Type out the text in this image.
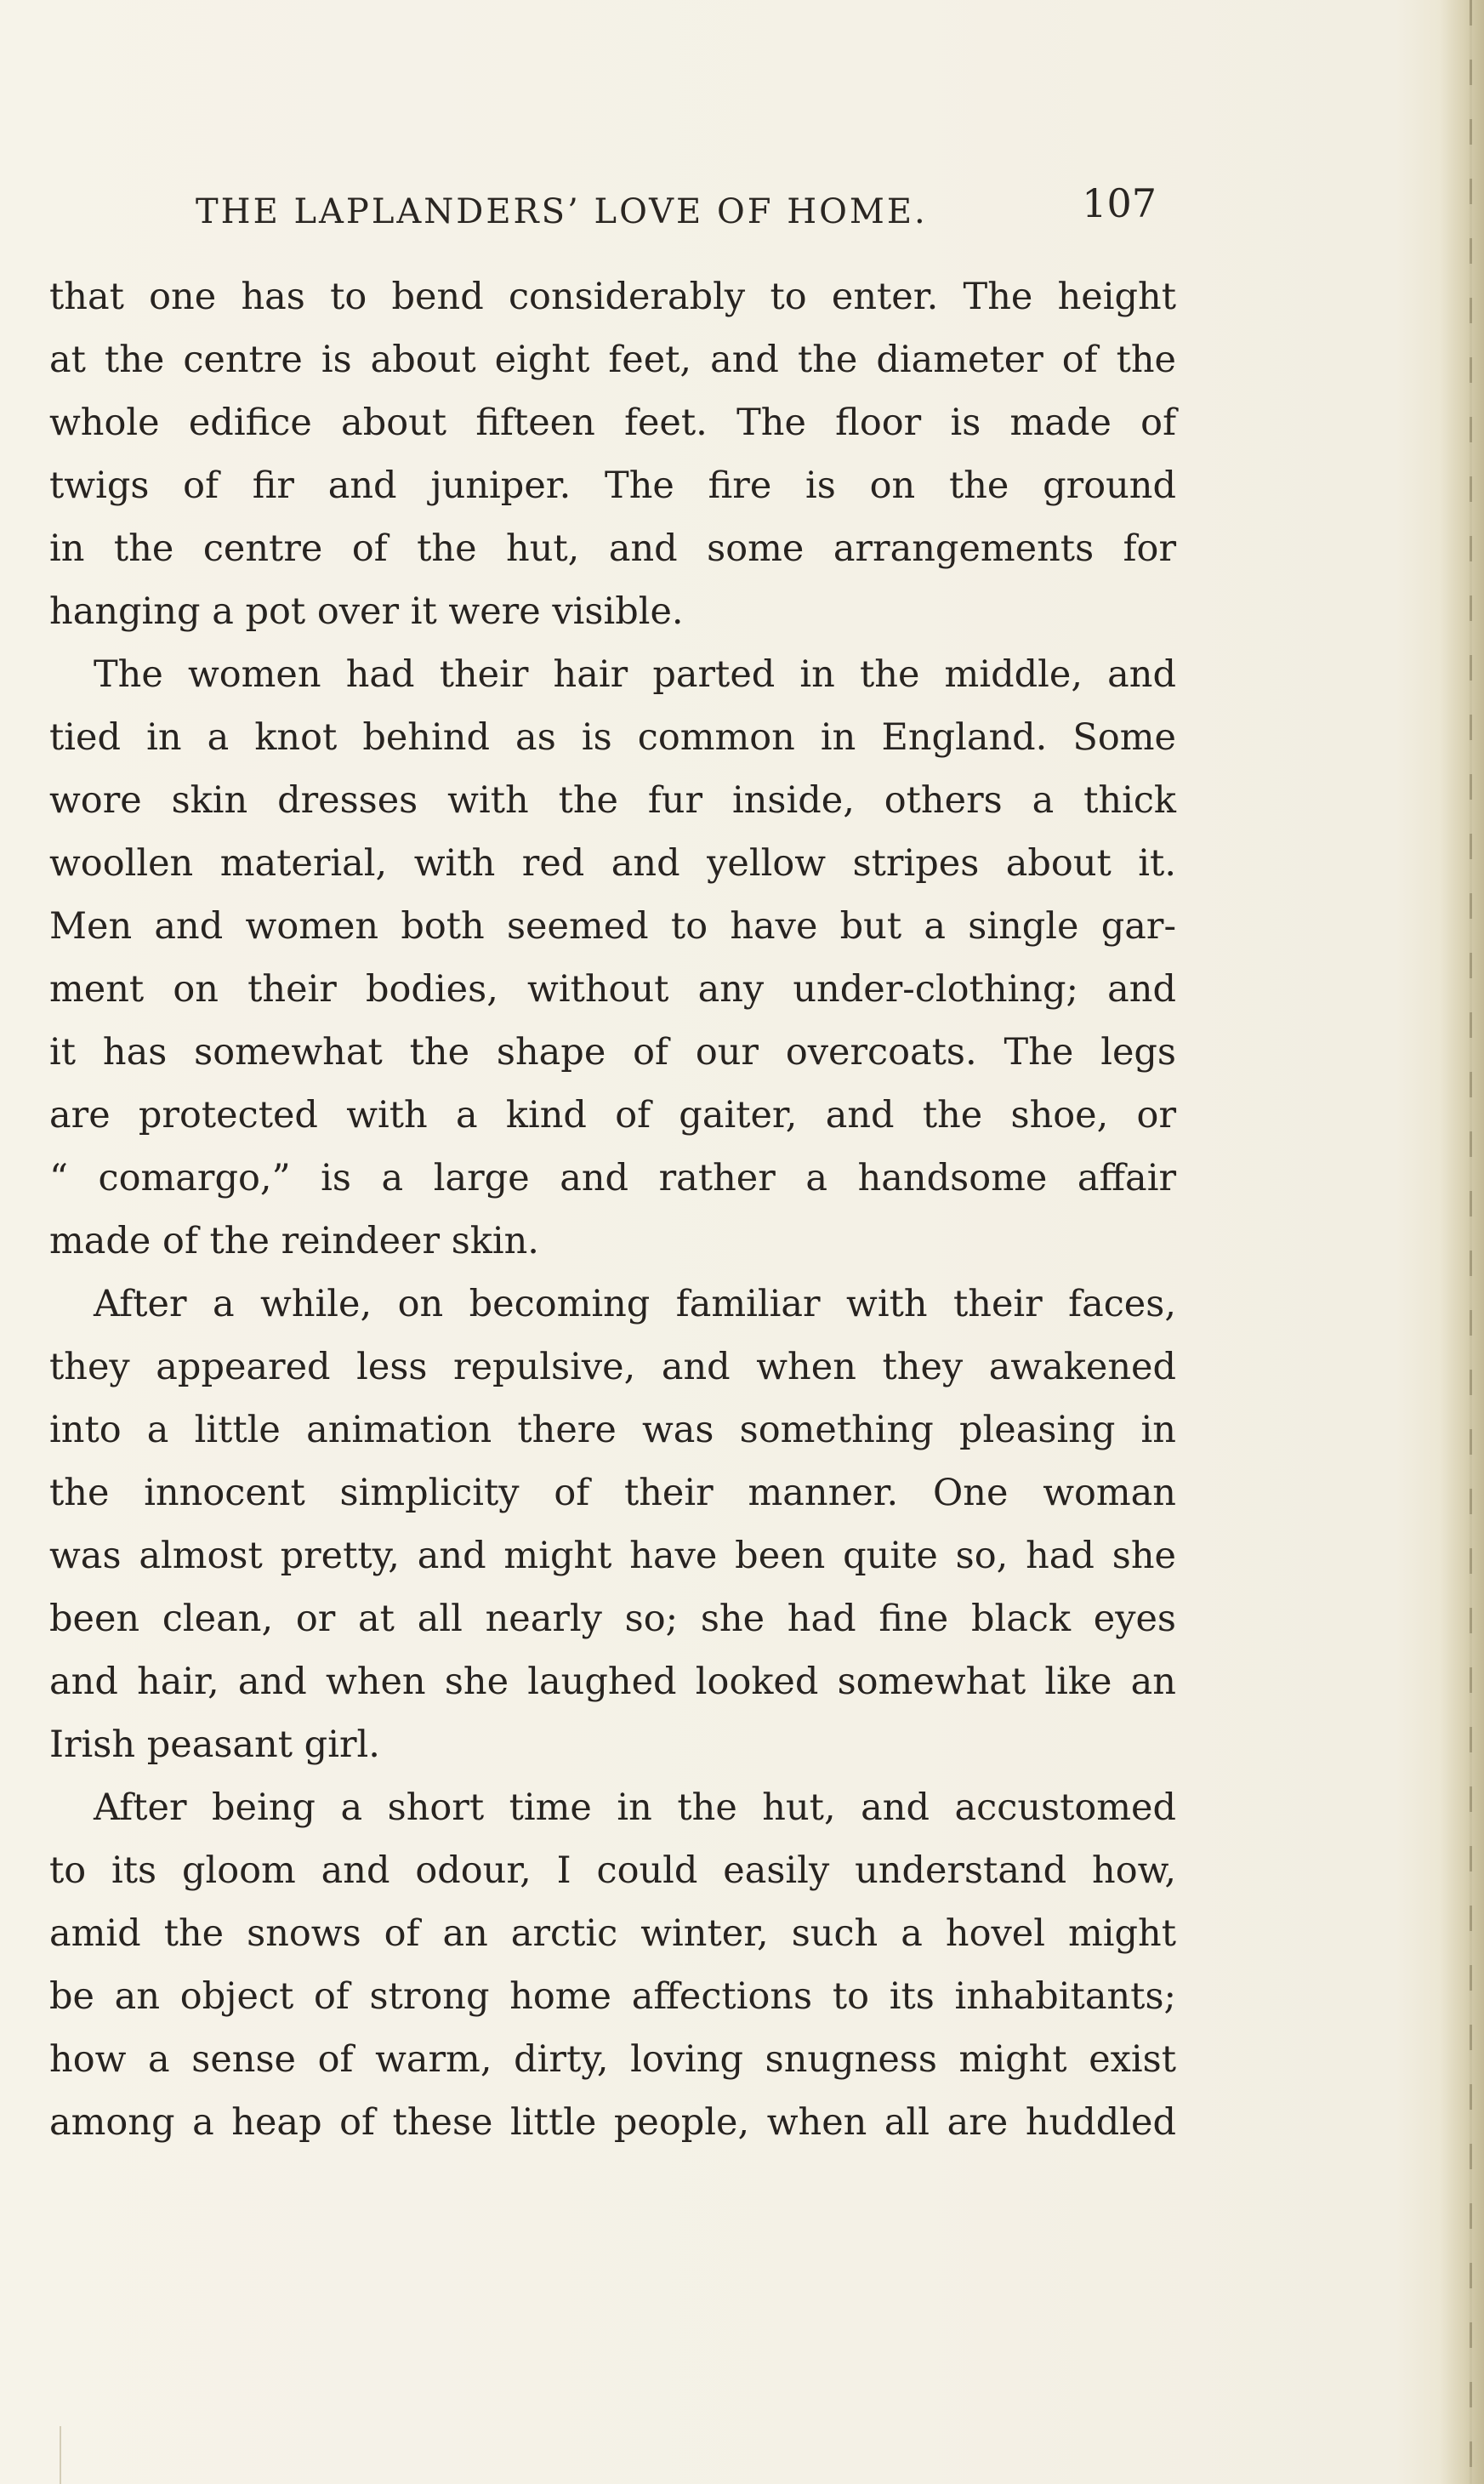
THE LAPLANDERS’ LOVE OF HOME.	107
that one has to bend considerably to enter. The height
at the centre is about eight feet, and the diameter of the
whole edifice about fifteen feet. The floor is made of
twigs of fir and juniper. The fire is on the ground
in the centre of the hut, and some arrangements for
hanging a pot over it were visible.
The women had their hair parted in the middle, and
tied in a knot behind as is common in England. Some
wore skin dresses with the fur inside, others a thick
woollen material, with red and yellow stripes about it.
Men and women both seemed to have but a single gar-
ment on their bodies, without any under-clothing; and
it has somewhat the shape of our overcoats. The legs
are protected with a kind of gaiter, and the shoe, or
“ comargo,” is a large and rather a handsome affair
made of the reindeer skin.
After a while, on becoming familiar with their faces,
they appeared less repulsive, and when they awakened
into a little animation there was something pleasing in
the innocent simplicity of their manner. One woman
was almost pretty, and might have been quite so, had she
been clean, or at all nearly so; she had fine black eyes
and hair, and when she laughed looked somewhat like an
Irish peasant girl.
After being a short time in the hut, and accustomed
to its gloom and odour, I could easily understand how,
amid the snows of an arctic winter, such a hovel might
be an object of strong home affections to its inhabitants;
how a sense of warm, dirty, loving snugness might exist
among a heap of these little people, when all are huddled
